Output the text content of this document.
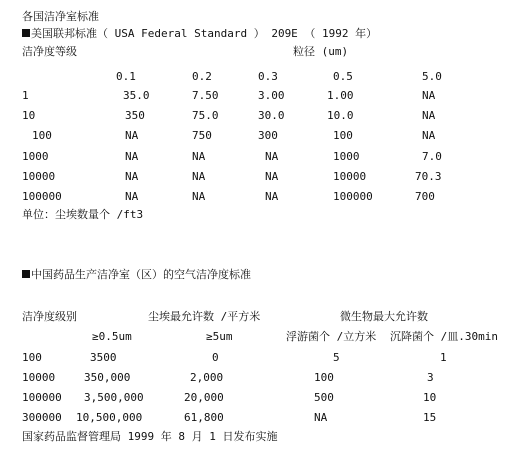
各国洁净室标准
美国联邦标准（ USA Federal Standard ） 209E （ 1992 年）
洁净度等级	粒径 (um)
0.1	0.2	0.3	0.5	5.0
1	35.0	7.50	3.00	1.00	NA
10	350	75.0	30.0	10.0	NA
100	NA	750	300	100	NA
1000	NA	NA	NA	1000	7.0
10000	NA	NA	NA	10000	70.3
100000	NA	NA	NA	100000	700
单位：尘埃数量个 /ft3
中国药品生产洁净室（区）的空气洁净度标准
洁净度级别	尘埃最允许数 /平方米	微生物最大允许数
≥0.5um	≥5um	浮游菌个 /立方米 沉降菌个 /皿.30min
100	3500	0	5	1
10000	350,000	2,000	100	3
100000 3,500,000	20,000	500	10
300000 10,500,000	61,800	NA	15
国家药品监督管理局 1999 年 8 月 1 日发布实施
